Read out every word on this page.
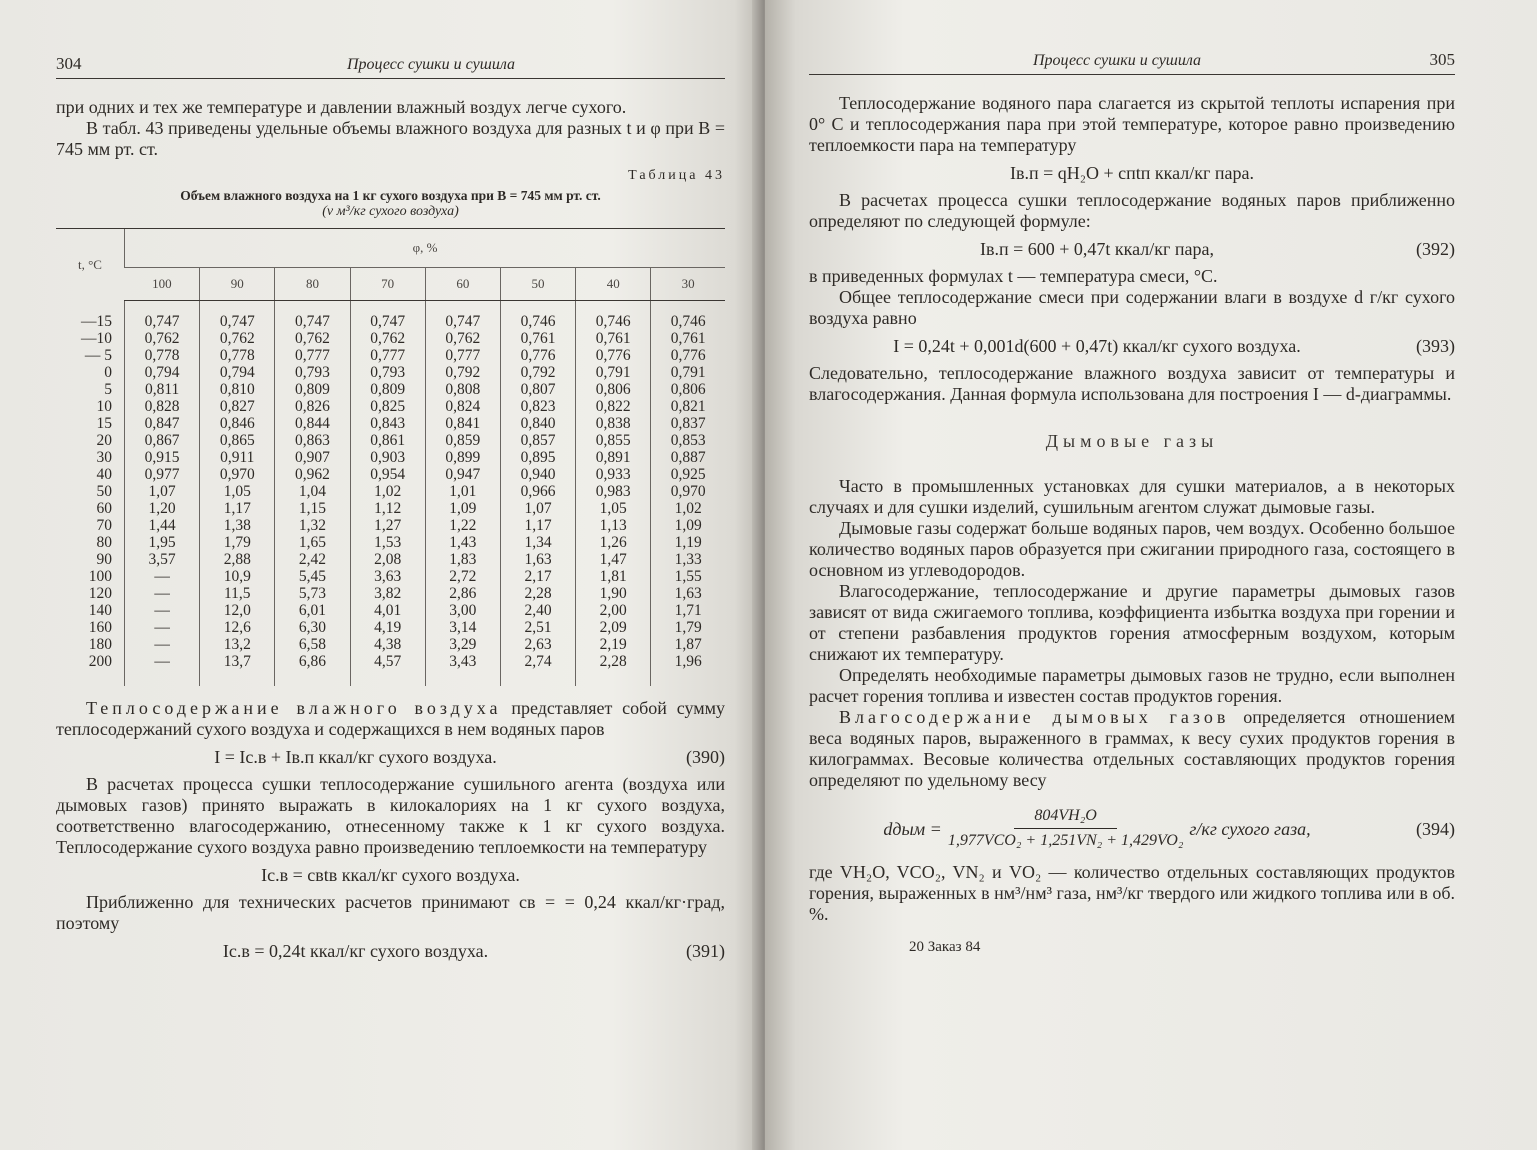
304	Процесс сушки и сушила

при одних и тех же температуре и давлении влажный воздух легче сухого.

В табл. 43 приведены удельные объемы влажного воздуха для разных t и φ при B = 745 мм рт. ст.

Таблица 43
Объем влажного воздуха на 1 кг сухого воздуха при B = 745 мм рт. ст.
(v м³/кг сухого воздуха)
t, °C	φ, %							
	100	90	80	70	60	50	40	30

—15	0,747	0,747	0,747	0,747	0,747	0,746	0,746	0,746
—10	0,762	0,762	0,762	0,762	0,762	0,761	0,761	0,761
— 5	0,778	0,778	0,777	0,777	0,777	0,776	0,776	0,776
0	0,794	0,794	0,793	0,793	0,792	0,792	0,791	0,791
5	0,811	0,810	0,809	0,809	0,808	0,807	0,806	0,806
10	0,828	0,827	0,826	0,825	0,824	0,823	0,822	0,821
15	0,847	0,846	0,844	0,843	0,841	0,840	0,838	0,837
20	0,867	0,865	0,863	0,861	0,859	0,857	0,855	0,853
30	0,915	0,911	0,907	0,903	0,899	0,895	0,891	0,887
40	0,977	0,970	0,962	0,954	0,947	0,940	0,933	0,925
50	1,07	1,05	1,04	1,02	1,01	0,966	0,983	0,970
60	1,20	1,17	1,15	1,12	1,09	1,07	1,05	1,02
70	1,44	1,38	1,32	1,27	1,22	1,17	1,13	1,09
80	1,95	1,79	1,65	1,53	1,43	1,34	1,26	1,19
90	3,57	2,88	2,42	2,08	1,83	1,63	1,47	1,33
100	—	10,9	5,45	3,63	2,72	2,17	1,81	1,55
120	—	11,5	5,73	3,82	2,86	2,28	1,90	1,63
140	—	12,0	6,01	4,01	3,00	2,40	2,00	1,71
160	—	12,6	6,30	4,19	3,14	2,51	2,09	1,79
180	—	13,2	6,58	4,38	3,29	2,63	2,19	1,87
200	—	13,7	6,86	4,57	3,43	2,74	2,28	1,96

Теплосодержание влажного воздуха представляет собой сумму теплосодержаний сухого воздуха и содержащихся в нем водяных паров

I = Iс.в + Iв.п ккал/кг сухого воздуха.	(390)

В расчетах процесса сушки теплосодержание сушильного агента (воздуха или дымовых газов) принято выражать в килокалориях на 1 кг сухого воздуха, соответственно влагосодержанию, отнесенному также к 1 кг сухого воздуха. Теплосодержание сухого воздуха равно произведению теплоемкости на температуру

Iс.в = cвtв ккал/кг сухого воздуха.

Приближенно для технических расчетов принимают cв = = 0,24 ккал/кг·град, поэтому

Iс.в = 0,24t ккал/кг сухого воздуха.	(391)
Процесс сушки и сушила	305

Теплосодержание водяного пара слагается из скрытой теплоты испарения при 0° C и теплосодержания пара при этой температуре, которое равно произведению теплоемкости пара на температуру

Iв.п = qH₂O + cпtп ккал/кг пара.

В расчетах процесса сушки теплосодержание водяных паров приближенно определяют по следующей формуле:

Iв.п = 600 + 0,47t ккал/кг пара,	(392)

в приведенных формулах t — температура смеси, °C.

Общее теплосодержание смеси при содержании влаги в воздухе d г/кг сухого воздуха равно

I = 0,24t + 0,001d(600 + 0,47t) ккал/кг сухого воздуха.	(393)

Следовательно, теплосодержание влажного воздуха зависит от температуры и влагосодержания. Данная формула использована для построения I — d-диаграммы.

Дымовые газы

Часто в промышленных установках для сушки материалов, а в некоторых случаях и для сушки изделий, сушильным агентом служат дымовые газы.

Дымовые газы содержат больше водяных паров, чем воздух. Особенно большое количество водяных паров образуется при сжигании природного газа, состоящего в основном из углеводородов.

Влагосодержание, теплосодержание и другие параметры дымовых газов зависят от вида сжигаемого топлива, коэффициента избытка воздуха при горении и от степени разбавления продуктов горения атмосферным воздухом, которым снижают их температуру.

Определять необходимые параметры дымовых газов не трудно, если выполнен расчет горения топлива и известен состав продуктов горения.

Влагосодержание дымовых газов определяется отношением веса водяных паров, выраженного в граммах, к весу сухих продуктов горения в килограммах. Весовые количества отдельных составляющих продуктов горения определяют по удельному весу

dдым = $\frac{\text{804VH₂O}}{\text{1,977VCO₂ + 1,251VN₂ + 1,429VO₂}} г/кг$ сухого газа,	(394)

где VH₂O, VCO₂, VN₂ и VO₂ — количество отдельных составляющих продуктов горения, выраженных в нм³/нм³ газа, нм³/кг твердого или жидкого топлива или в об. %.

20 Заказ 84
